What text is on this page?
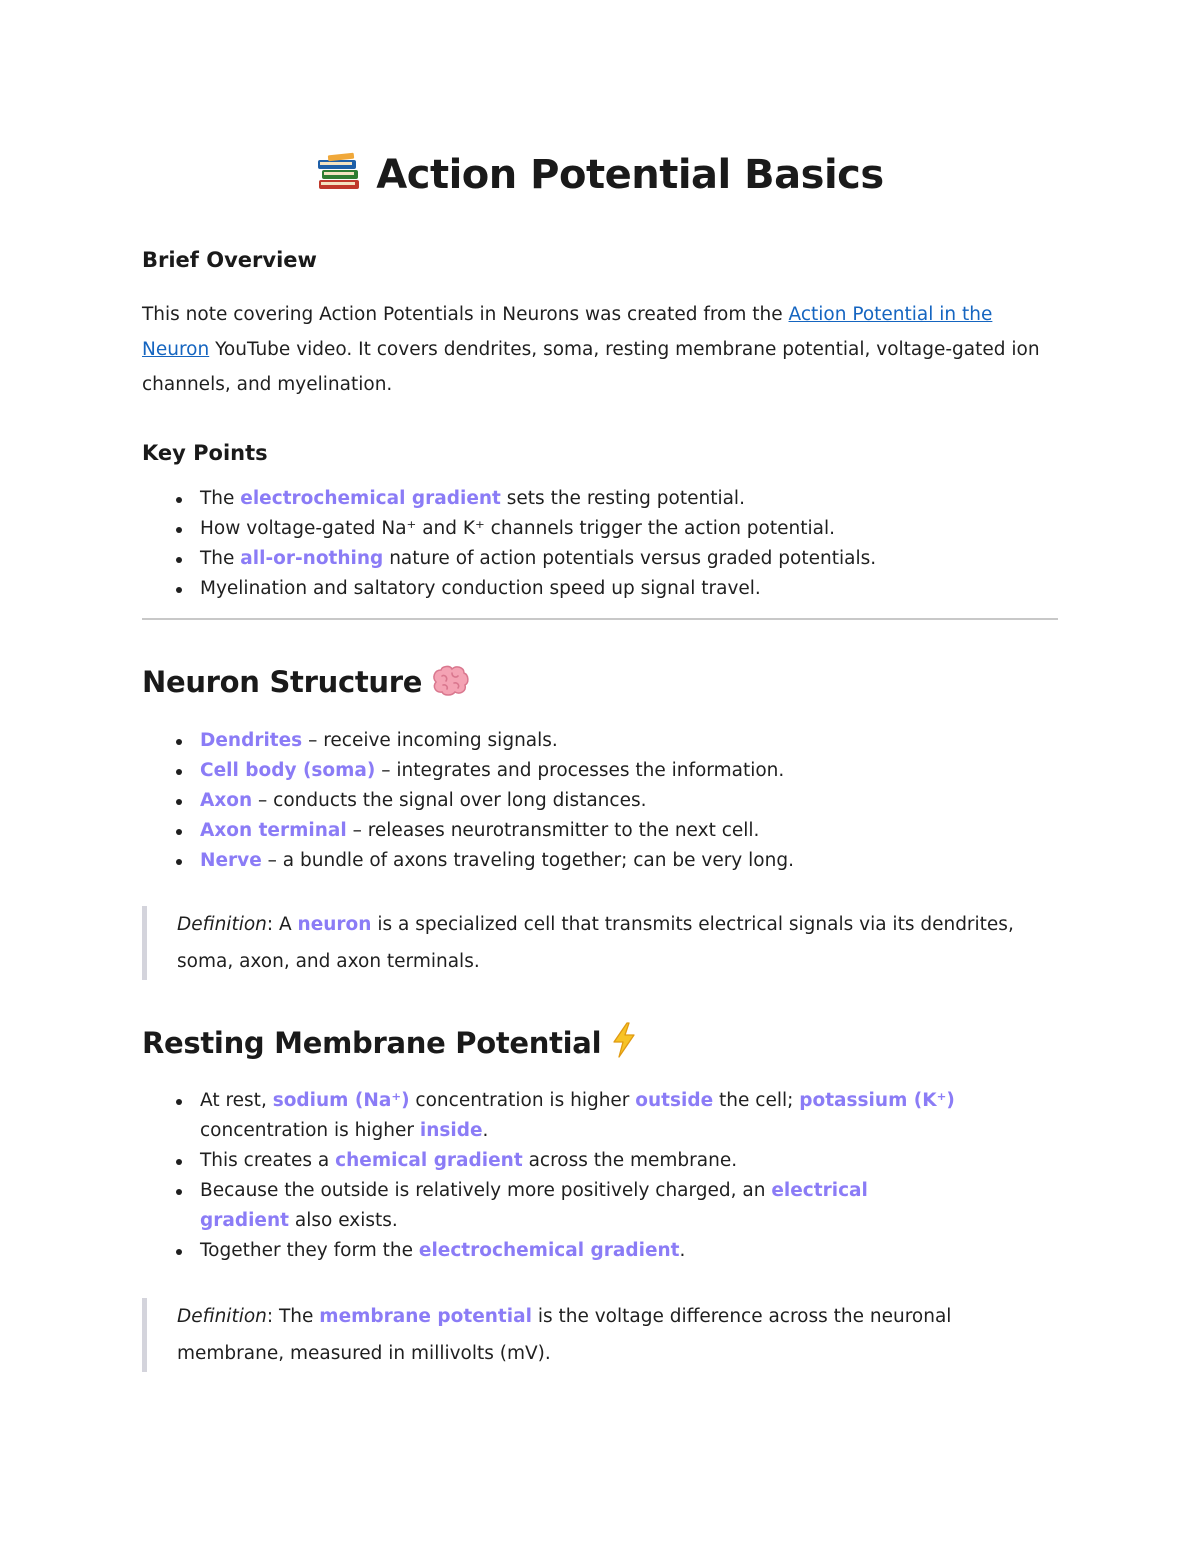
Action Potential Basics
Brief Overview

This note covering Action Potentials in Neurons was created from the Action Potential in the Neuron YouTube video. It covers dendrites, soma, resting membrane potential, voltage-gated ion channels, and myelination.

Key Points
The electrochemical gradient sets the resting potential.
How voltage-gated Na⁺ and K⁺ channels trigger the action potential.
The all-or-nothing nature of action potentials versus graded potentials.
Myelination and saltatory conduction speed up signal travel.
Neuron Structure
Dendrites – receive incoming signals.
Cell body (soma) – integrates and processes the information.
Axon – conducts the signal over long distances.
Axon terminal – releases neurotransmitter to the next cell.
Nerve – a bundle of axons traveling together; can be very long.
Definition: A neuron is a specialized cell that transmits electrical signals via its dendrites, soma, axon, and axon terminals.
Resting Membrane Potential
At rest, sodium (Na⁺) concentration is higher outside the cell; potassium (K⁺) concentration is higher inside.
This creates a chemical gradient across the membrane.
Because the outside is relatively more positively charged, an electrical gradient also exists.
Together they form the electrochemical gradient.
Definition: The membrane potential is the voltage difference across the neuronal membrane, measured in millivolts (mV).
